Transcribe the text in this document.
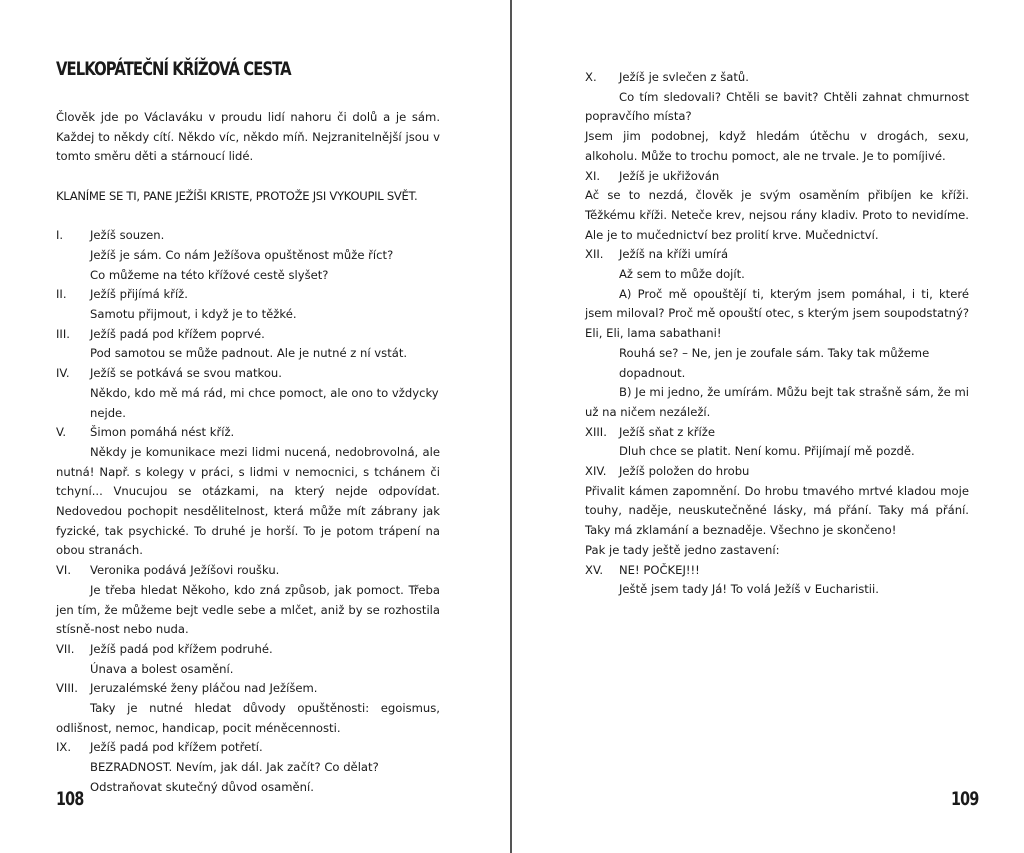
VELKOPÁTEČNÍ KŘÍŽOVÁ CESTA

Člověk jde po Václaváku v proudu lidí nahoru či dolů a je sám. Každej to někdy cítí. Někdo víc, někdo míň. Nejzranitelnější jsou v tomto směru děti a stárnoucí lidé.

KLANÍME SE TI, PANE JEŽÍŠI KRISTE, PROTOŽE JSI VYKOUPIL SVĚT.

I.	Ježíš souzen.

Ježíš je sám. Co nám Ježíšova opuštěnost může říct?

Co můžeme na této křížové cestě slyšet?

II.	Ježíš přijímá kříž.

Samotu přijmout, i když je to těžké.

III.	Ježíš padá pod křížem poprvé.

Pod samotou se může padnout. Ale je nutné z ní vstát.

IV.	Ježíš se potkává se svou matkou.

Někdo, kdo mě má rád, mi chce pomoct, ale ono to vždycky nejde.

V.	Šimon pomáhá nést kříž.

Někdy je komunikace mezi lidmi nucená, nedobrovolná, ale nutná! Např. s kolegy v práci, s lidmi v nemocnici, s tchánem či tchyní... Vnucujou se otázkami, na který nejde odpovídat. Nedovedou pochopit nesdělitelnost, která může mít zábrany jak fyzické, tak psychické. To druhé je horší. To je potom trápení na obou stranách.

VI.	Veronika podává Ježíšovi roušku.

Je třeba hledat Někoho, kdo zná způsob, jak pomoct. Třeba jen tím, že můžeme bejt vedle sebe a mlčet, aniž by se rozhostila stísně-nost nebo nuda.

VII.	Ježíš padá pod křížem podruhé.

Únava a bolest osamění.

VIII.	Jeruzalémské ženy pláčou nad Ježíšem.

Taky je nutné hledat důvody opuštěnosti: egoismus, odlišnost, nemoc, handicap, pocit méněcennosti.

IX.	Ježíš padá pod křížem potřetí.

BEZRADNOST. Nevím, jak dál. Jak začít? Co dělat?

Odstraňovat skutečný důvod osamění.

108
X.	Ježíš je svlečen z šatů.

Co tím sledovali? Chtěli se bavit? Chtěli zahnat chmurnost popravčího místa?

Jsem jim podobnej, když hledám útěchu v drogách, sexu, alkoholu. Může to trochu pomoct, ale ne trvale. Je to pomíjivé.

XI.	Ježíš je ukřižován

Ač se to nezdá, člověk je svým osaměním přibíjen ke kříži. Těžkému kříži. Neteče krev, nejsou rány kladiv. Proto to nevidíme. Ale je to mučednictví bez prolití krve. Mučednictví.

XII.	Ježíš na kříži umírá

Až sem to může dojít.

A) Proč mě opouštějí ti, kterým jsem pomáhal, i ti, které jsem miloval? Proč mě opouští otec, s kterým jsem soupodstatný? Eli, Eli, lama sabathani!

Rouhá se? – Ne, jen je zoufale sám. Taky tak můžeme dopadnout.

B) Je mi jedno, že umírám. Můžu bejt tak strašně sám, že mi už na ničem nezáleží.

XIII.	Ježíš sňat z kříže

Dluh chce se platit. Není komu. Přijímají mě pozdě.

XIV.	Ježíš položen do hrobu

Přivalit kámen zapomnění. Do hrobu tmavého mrtvé kladou moje touhy, naděje, neuskutečněné lásky, má přání. Taky má přání. Taky má zklamání a beznaděje. Všechno je skončeno!

Pak je tady ještě jedno zastavení:

XV.	NE! POČKEJ!!!

Ještě jsem tady Já! To volá Ježíš v Eucharistii.

109
